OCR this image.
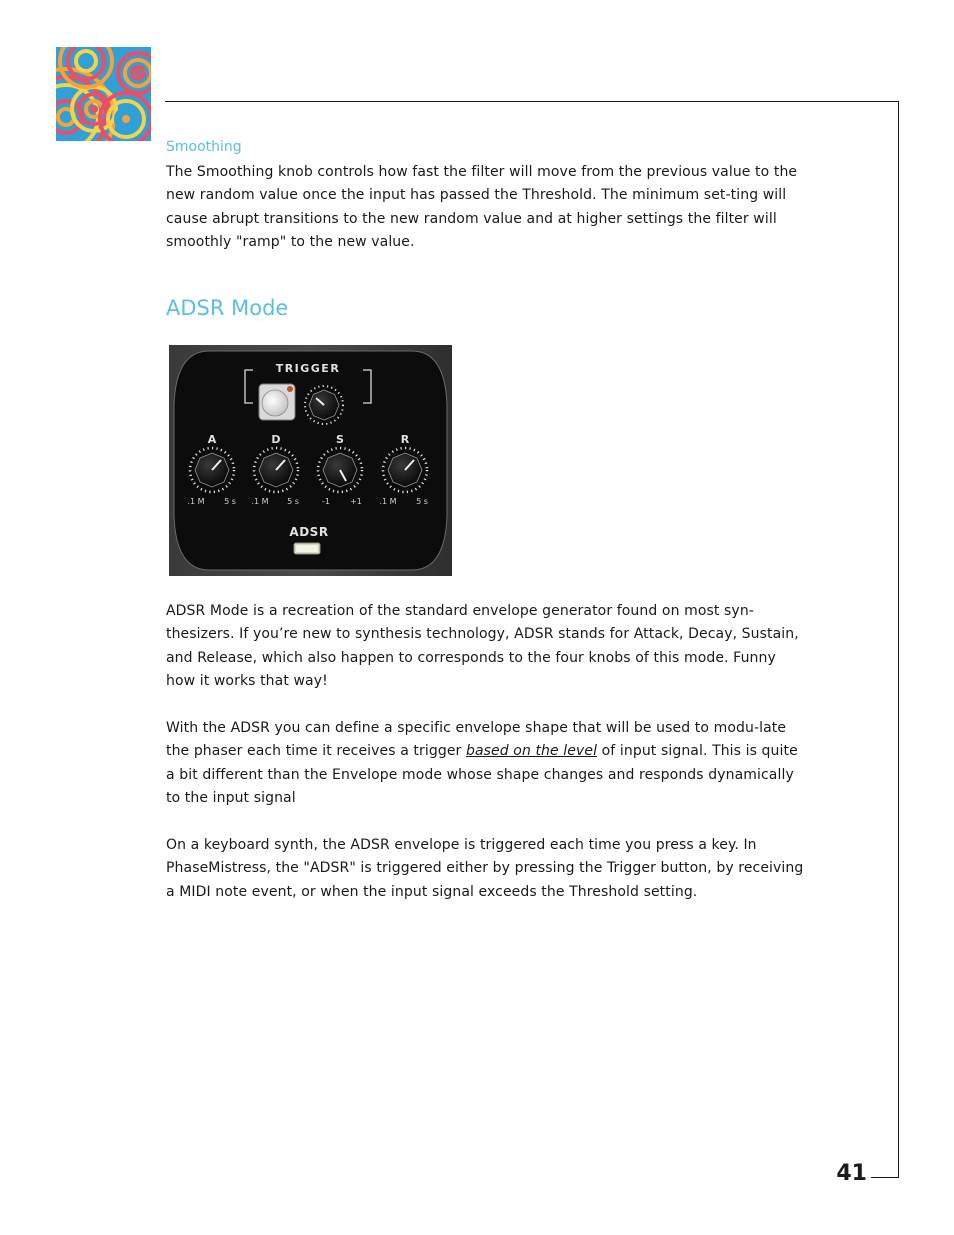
41
Smoothing

The Smoothing knob controls how fast the filter will move from the previous value to the new random value once the input has passed the Threshold. The minimum set-ting will cause abrupt transitions to the new random value and at higher settings the filter will smoothly "ramp" to the new value.

ADSR Mode
TRIGGER
A	D	S	R
.1 M 5 s .1 M 5 s	-1	+1 .1 M 5 s
ADSR

ADSR Mode is a recreation of the standard envelope generator found on most syn-thesizers. If you’re new to synthesis technology, ADSR stands for Attack, Decay, Sustain, and Release, which also happen to corresponds to the four knobs of this mode. Funny how it works that way!

With the ADSR you can define a specific envelope shape that will be used to modu-late the phaser each time it receives a trigger based on the level of input signal. This is quite a bit different than the Envelope mode whose shape changes and responds dynamically to the input signal

On a keyboard synth, the ADSR envelope is triggered each time you press a key. In PhaseMistress, the "ADSR" is triggered either by pressing the Trigger button, by receiving a MIDI note event, or when the input signal exceeds the Threshold setting.
